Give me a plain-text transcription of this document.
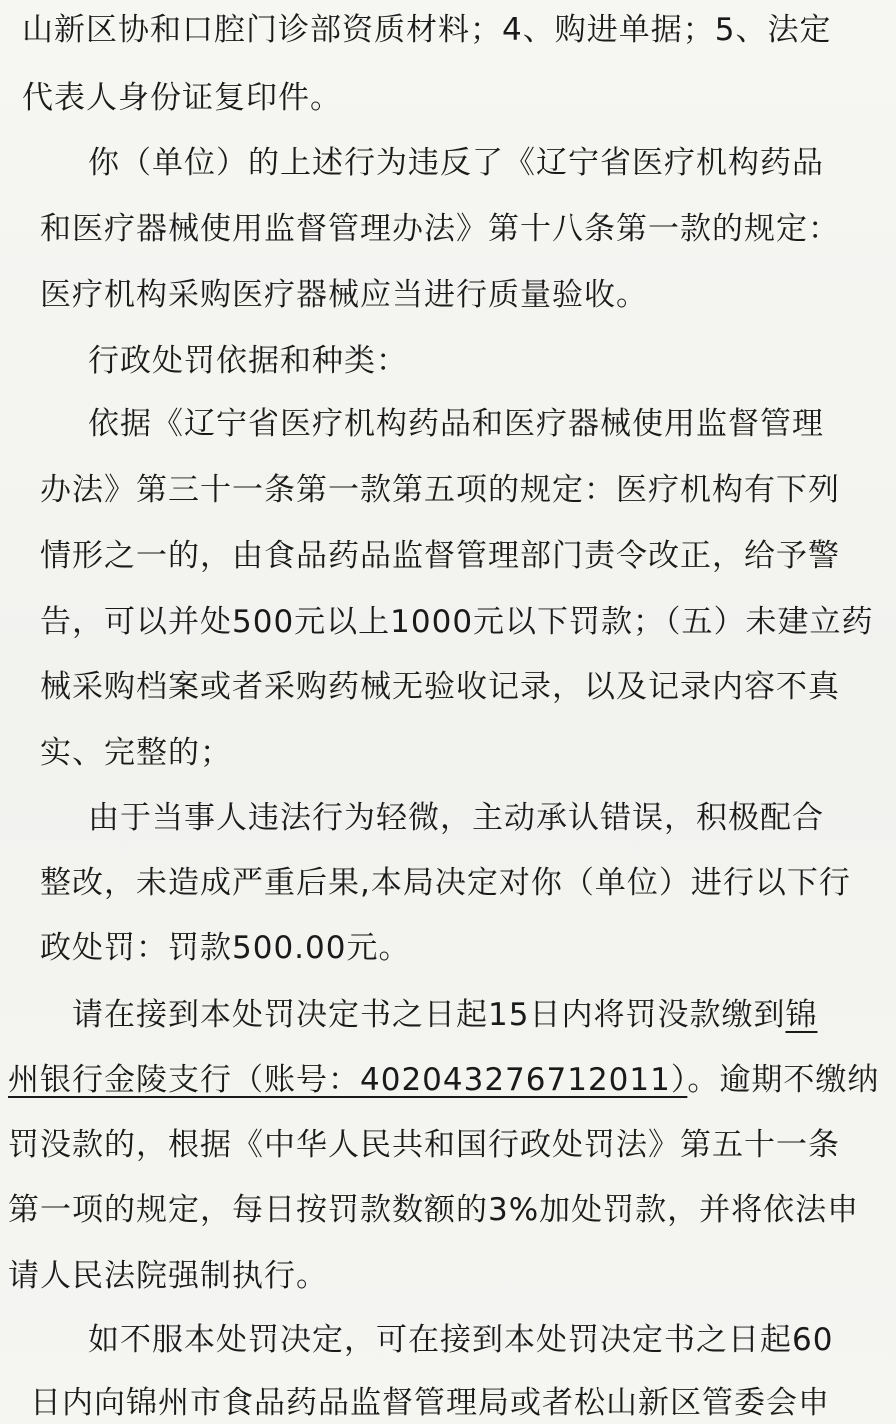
山新区协和口腔门诊部资质材料；4、购进单据；5、法定
代表人身份证复印件。
你（单位）的上述行为违反了《辽宁省医疗机构药品
和医疗器械使用监督管理办法》第十八条第一款的规定：
医疗机构采购医疗器械应当进行质量验收。
行政处罚依据和种类：
依据《辽宁省医疗机构药品和医疗器械使用监督管理
办法》第三十一条第一款第五项的规定：医疗机构有下列
情形之一的，由食品药品监督管理部门责令改正，给予警
告，可以并处500元以上1000元以下罚款；（五）未建立药
械采购档案或者采购药械无验收记录，以及记录内容不真
实、完整的；
由于当事人违法行为轻微，主动承认错误，积极配合
整改，未造成严重后果,本局决定对你（单位）进行以下行
政处罚：罚款500.00元。
请在接到本处罚决定书之日起15日内将罚没款缴到锦
州银行金陵支行（账号：402043276712011）。逾期不缴纳
罚没款的，根据《中华人民共和国行政处罚法》第五十一条
第一项的规定，每日按罚款数额的3%加处罚款，并将依法申
请人民法院强制执行。
如不服本处罚决定，可在接到本处罚决定书之日起60
日内向锦州市食品药品监督管理局或者松山新区管委会申
